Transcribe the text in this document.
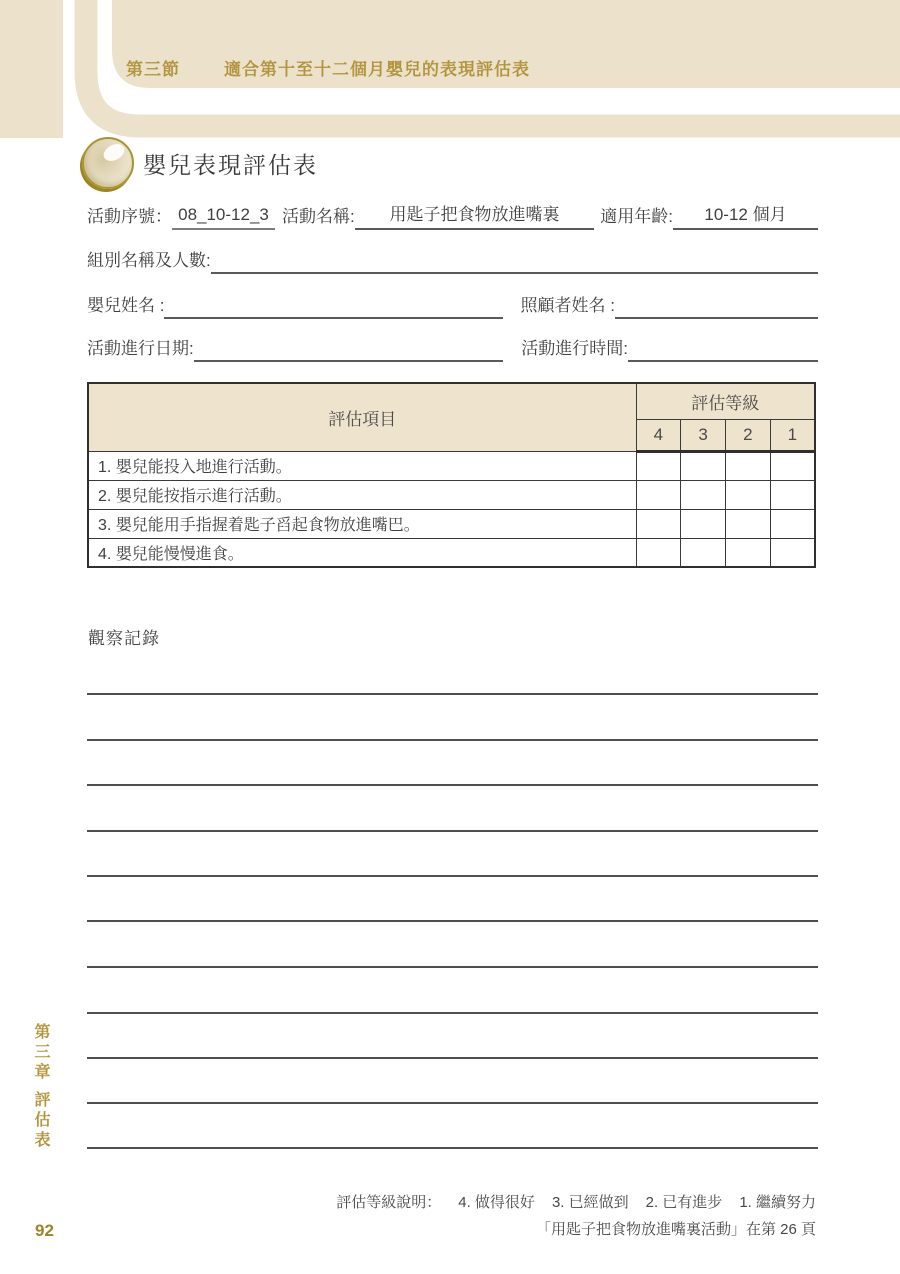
第三節	適合第十至十二個月嬰兒的表現評估表
嬰兒表現評估表
活動序號： 08_10-12_3 活動名稱:	用匙子把食物放進嘴裏	適用年齡:	10-12 個月
組別名稱及人數:
嬰兒姓名 :	照顧者姓名 :
活動進行日期:	活動進行時間:
評估項目	評估等級			
	4	3	2	1
1. 嬰兒能投入地進行活動。				
2. 嬰兒能按指示進行活動。				
3. 嬰兒能用手指握着匙子舀起食物放進嘴巴。				
4. 嬰兒能慢慢進食。				
觀察記錄
第三章
評估表
92
評估等級說明： 4. 做得很好 3. 已經做到 2. 已有進步 1. 繼續努力
「用匙子把食物放進嘴裏活動」在第 26 頁
